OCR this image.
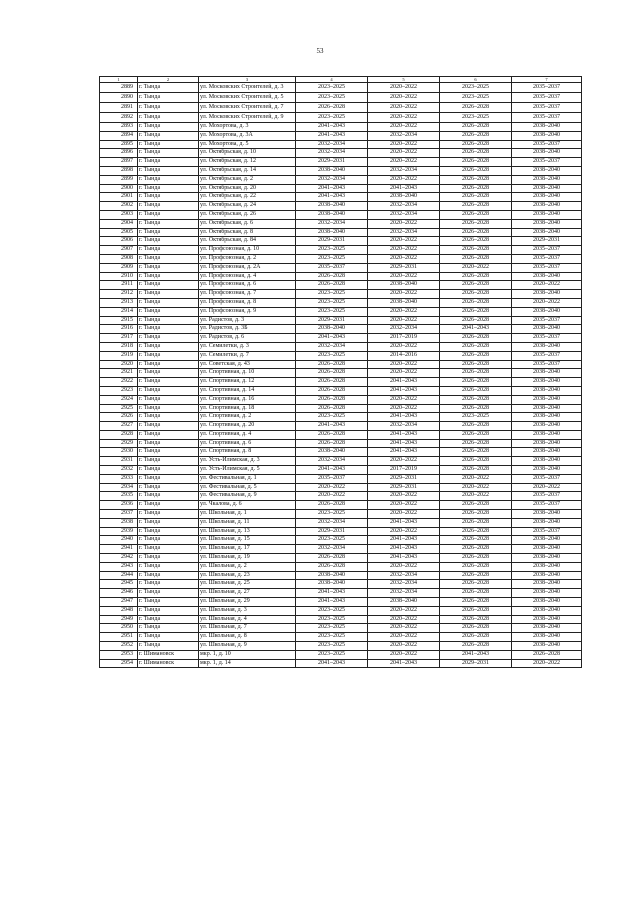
53
1	2	3	4	5	6	7
2889	г. Тында	ул. Московских Строителей, д. 3	2023–2025	2020–2022	2023–2025	2035–2037
2890	г. Тында	ул. Московских Строителей, д. 5	2023–2025	2020–2022	2023–2025	2035–2037
2891	г. Тында	ул. Московских Строителей, д. 7	2026–2028	2020–2022	2026–2028	2035–2037
2892	г. Тында	ул. Московских Строителей, д. 9	2023–2025	2020–2022	2023–2025	2035–2037
2893	г. Тында	ул. Мохортова, д. 3	2041–2043	2020–2022	2026–2028	2038–2040
2894	г. Тында	ул. Мохортова, д. 3А	2041–2043	2032–2034	2026–2028	2038–2040
2895	г. Тында	ул. Мохортова, д. 5	2032–2034	2020–2022	2026–2028	2035–2037
2896	г. Тында	ул. Октябрьская, д. 10	2032–2034	2020–2022	2026–2028	2038–2040
2897	г. Тында	ул. Октябрьская, д. 12	2029–2031	2020–2022	2026–2028	2035–2037
2898	г. Тында	ул. Октябрьская, д. 14	2038–2040	2032–2034	2026–2028	2038–2040
2899	г. Тында	ул. Октябрьская, д. 2	2032–2034	2020–2022	2026–2028	2038–2040
2900	г. Тында	ул. Октябрьская, д. 20	2041–2043	2041–2043	2026–2028	2038–2040
2901	г. Тында	ул. Октябрьская, д. 22	2041–2043	2038–2040	2026–2028	2038–2040
2902	г. Тында	ул. Октябрьская, д. 24	2038–2040	2032–2034	2026–2028	2038–2040
2903	г. Тында	ул. Октябрьская, д. 26	2038–2040	2032–2034	2026–2028	2038–2040
2904	г. Тында	ул. Октябрьская, д. 6	2032–2034	2020–2022	2026–2028	2038–2040
2905	г. Тында	ул. Октябрьская, д. 8	2038–2040	2032–2034	2026–2028	2038–2040
2906	г. Тында	ул. Октябрьская, д. 84	2029–2031	2020–2022	2026–2028	2029–2031
2907	г. Тында	ул. Профсоюзная, д. 10	2023–2025	2020–2022	2026–2028	2035–2037
2908	г. Тында	ул. Профсоюзная, д. 2	2023–2025	2020–2022	2026–2028	2035–2037
2909	г. Тында	ул. Профсоюзная, д. 2А	2035–2037	2029–2031	2020–2022	2035–2037
2910	г. Тында	ул. Профсоюзная, д. 4	2026–2028	2020–2022	2026–2028	2038–2040
2911	г. Тында	ул. Профсоюзная, д. 6	2026–2028	2038–2040	2026–2028	2020–2022
2912	г. Тында	ул. Профсоюзная, д. 7	2023–2025	2020–2022	2026–2028	2038–2040
2913	г. Тында	ул. Профсоюзная, д. 8	2023–2025	2038–2040	2026–2028	2020–2022
2914	г. Тында	ул. Профсоюзная, д. 9	2023–2025	2020–2022	2026–2028	2038–2040
2915	г. Тында	ул. Радистов, д. 3	2029–2031	2020–2022	2026–2028	2035–2037
2916	г. Тында	ул. Радистов, д. 3Б	2038–2040	2032–2034	2041–2043	2038–2040
2917	г. Тында	ул. Радистов, д. 6	2041–2043	2017–2019	2026–2028	2035–2037
2918	г. Тында	ул. Семилетки, д. 3	2032–2034	2020–2022	2026–2028	2038–2040
2919	г. Тында	ул. Семилетки, д. 7	2023–2025	2014–2016	2026–2028	2035–2037
2920	г. Тында	ул. Советская, д. 43	2026–2028	2020–2022	2026–2028	2035–2037
2921	г. Тында	ул. Спортивная, д. 10	2026–2028	2020–2022	2026–2028	2038–2040
2922	г. Тында	ул. Спортивная, д. 12	2026–2028	2041–2043	2026–2028	2038–2040
2923	г. Тында	ул. Спортивная, д. 14	2026–2028	2041–2043	2026–2028	2038–2040
2924	г. Тында	ул. Спортивная, д. 16	2026–2028	2020–2022	2026–2028	2038–2040
2925	г. Тында	ул. Спортивная, д. 18	2026–2028	2020–2022	2026–2028	2038–2040
2926	г. Тында	ул. Спортивная, д. 2	2023–2025	2041–2043	2023–2025	2038–2040
2927	г. Тында	ул. Спортивная, д. 20	2041–2043	2032–2034	2026–2028	2038–2040
2928	г. Тында	ул. Спортивная, д. 4	2026–2028	2041–2043	2026–2028	2038–2040
2929	г. Тында	ул. Спортивная, д. 6	2026–2028	2041–2043	2026–2028	2038–2040
2930	г. Тында	ул. Спортивная, д. 8	2038–2040	2041–2043	2026–2028	2038–2040
2931	г. Тында	ул. Усть-Илимская, д. 3	2032–2034	2020–2022	2026–2028	2038–2040
2932	г. Тында	ул. Усть-Илимская, д. 5	2041–2043	2017–2019	2026–2028	2038–2040
2933	г. Тында	ул. Фестивальная, д. 1	2035–2037	2029–2031	2020–2022	2035–2037
2934	г. Тында	ул. Фестивальная, д. 5	2020–2022	2029–2031	2020–2022	2020–2022
2935	г. Тында	ул. Фестивальная, д. 9	2020–2022	2020–2022	2020–2022	2035–2037
2936	г. Тында	ул. Чкалова, д. 6	2026–2028	2020–2022	2026–2028	2035–2037
2937	г. Тында	ул. Школьная, д. 1	2023–2025	2020–2022	2026–2028	2038–2040
2938	г. Тында	ул. Школьная, д. 11	2032–2034	2041–2043	2026–2028	2038–2040
2939	г. Тында	ул. Школьная, д. 13	2029–2031	2020–2022	2026–2028	2035–2037
2940	г. Тында	ул. Школьная, д. 15	2023–2025	2041–2043	2026–2028	2038–2040
2941	г. Тында	ул. Школьная, д. 17	2032–2034	2041–2043	2026–2028	2038–2040
2942	г. Тында	ул. Школьная, д. 19	2026–2028	2041–2043	2026–2028	2038–2040
2943	г. Тында	ул. Школьная, д. 2	2026–2028	2020–2022	2026–2028	2038–2040
2944	г. Тында	ул. Школьная, д. 23	2038–2040	2032–2034	2026–2028	2038–2040
2945	г. Тында	ул. Школьная, д. 25	2038–2040	2032–2034	2026–2028	2038–2040
2946	г. Тында	ул. Школьная, д. 27	2041–2043	2032–2034	2026–2028	2038–2040
2947	г. Тында	ул. Школьная, д. 29	2041–2043	2038–2040	2026–2028	2038–2040
2948	г. Тында	ул. Школьная, д. 3	2023–2025	2020–2022	2026–2028	2038–2040
2949	г. Тында	ул. Школьная, д. 4	2023–2025	2020–2022	2026–2028	2038–2040
2950	г. Тында	ул. Школьная, д. 7	2023–2025	2020–2022	2026–2028	2038–2040
2951	г. Тында	ул. Школьная, д. 8	2023–2025	2020–2022	2026–2028	2038–2040
2952	г. Тында	ул. Школьная, д. 9	2023–2025	2020–2022	2026–2028	2038–2040
2953	г. Шимановск	мкр. 1, д. 10	2023–2025	2020–2022	2041–2043	2026–2028
2954	г. Шимановск	мкр. 1, д. 14	2041–2043	2041–2043	2029–2031	2020–2022
